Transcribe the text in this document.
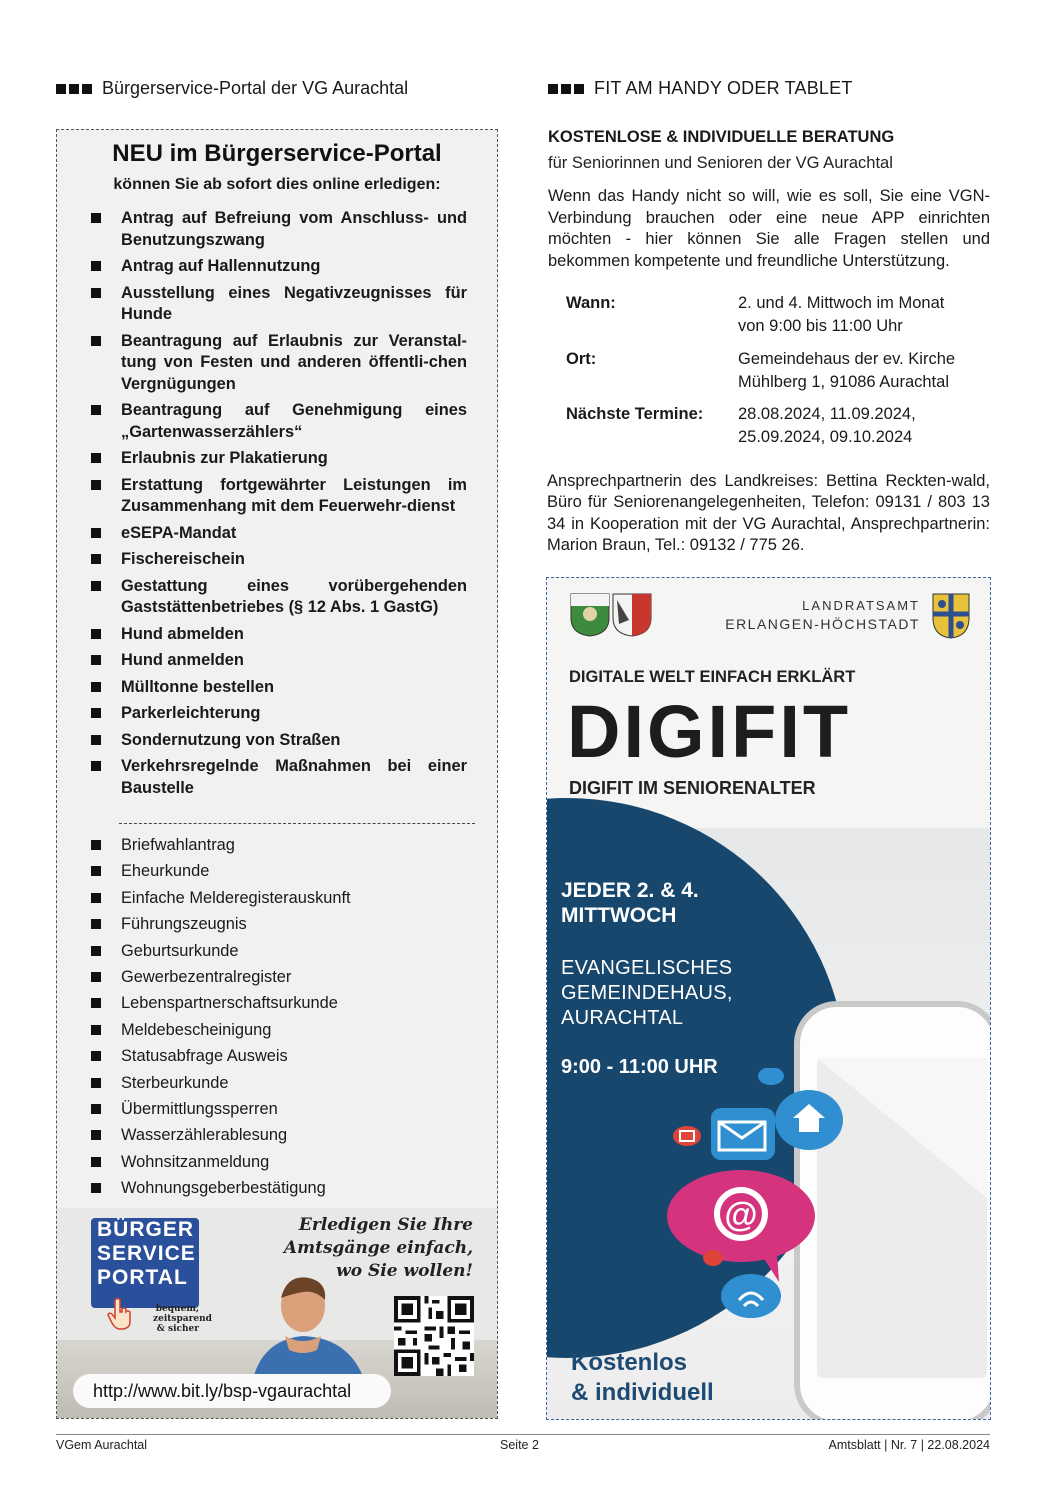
Bürgerservice-Portal der VG Aurachtal
NEU im Bürgerservice-Portal
können Sie ab sofort dies online erledigen:
Antrag auf Befreiung vom Anschluss- und Benutzungszwang
Antrag auf Hallennutzung
Ausstellung eines Negativzeugnisses für Hunde
Beantragung auf Erlaubnis zur Veranstal-tung von Festen und anderen öffentli-chen Vergnügungen
Beantragung auf Genehmigung eines „Gartenwasserzählers“
Erlaubnis zur Plakatierung
Erstattung fortgewährter Leistungen im Zusammenhang mit dem Feuerwehr-dienst
eSEPA-Mandat
Fischereischein
Gestattung eines vorübergehenden Gaststättenbetriebes (§ 12 Abs. 1 GastG)
Hund abmelden
Hund anmelden
Mülltonne bestellen
Parkerleichterung
Sondernutzung von Straßen
Verkehrsregelnde Maßnahmen bei einer Baustelle
Briefwahlantrag
Eheurkunde
Einfache Melderegisterauskunft
Führungszeugnis
Geburtsurkunde
Gewerbezentralregister
Lebenspartnerschaftsurkunde
Meldebescheinigung
Statusabfrage Ausweis
Sterbeurkunde
Übermittlungssperren
Wasserzählerablesung
Wohnsitzanmeldung
Wohnungsgeberbestätigung
BÜRGER
SERVICE
PORTAL
bequem,
zeitsparend
& sicher
Erledigen Sie Ihre
Amtsgänge einfach,
wo Sie wollen!
http://www.bit.ly/bsp-vgaurachtal
FIT AM HANDY ODER TABLET
KOSTENLOSE & INDIVIDUELLE BERATUNG
für Seniorinnen und Senioren der VG Aurachtal
Wenn das Handy nicht so will, wie es soll, Sie eine VGN-Verbindung brauchen oder eine neue APP einrichten möchten - hier können Sie alle Fragen stellen und bekommen kompetente und freundliche Unterstützung.
Wann:	2. und 4. Mittwoch im Monat
von 9:00 bis 11:00 Uhr
Ort:	Gemeindehaus der ev. Kirche
Mühlberg 1, 91086 Aurachtal
Nächste Termine:	28.08.2024, 11.09.2024,
25.09.2024, 09.10.2024
Ansprechpartnerin des Landkreises: Bettina Reckten-wald, Büro für Seniorenangelegenheiten, Telefon: 09131 / 803 13 34 in Kooperation mit der VG Aurachtal, Ansprechpartnerin: Marion Braun, Tel.: 09132 / 775 26.
LANDRATSAMT
ERLANGEN-HÖCHSTADT
DIGITALE WELT EINFACH ERKLÄRT
DIGIFIT
DIGIFIT IM SENIORENALTER
JEDER 2. & 4.
MITTWOCH
EVANGELISCHES
GEMEINDEHAUS,
AURACHTAL
9:00 - 11:00 UHR
@
Kostenlos
& individuell
VGem Aurachtal	Seite 2	Amtsblatt | Nr. 7 | 22.08.2024
